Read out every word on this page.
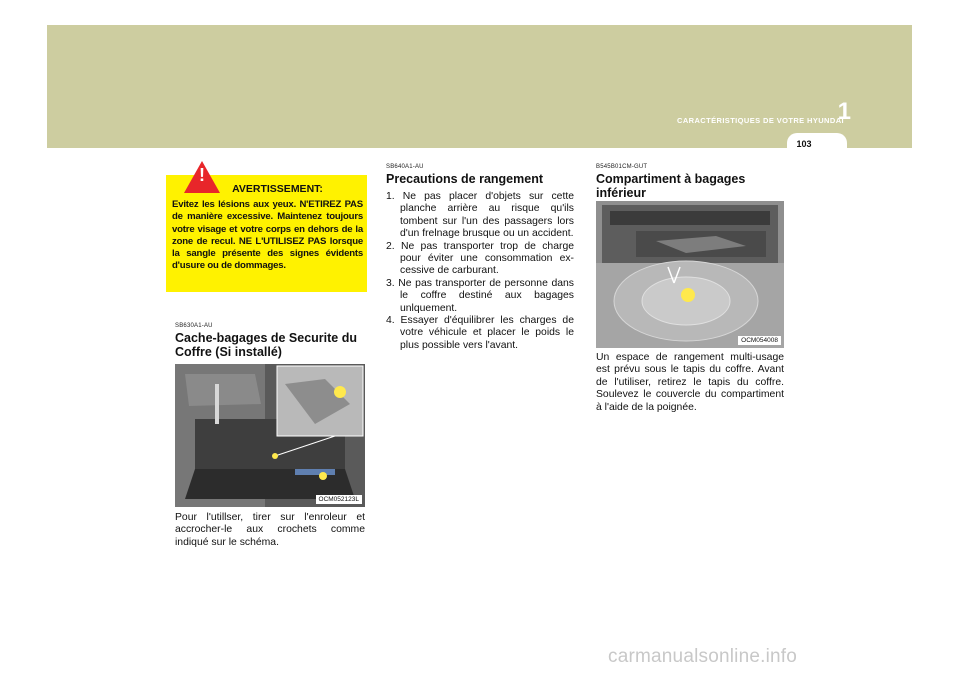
1
CARACTÉRISTIQUES DE VOTRE HYUNDAI
103
!
AVERTISSEMENT:
Evitez les lésions aux yeux. N'ETIREZ PAS de manière excessive. Maintenez toujours votre visage et votre corps en dehors de la zone de recul. NE L'UTILISEZ PAS lorsque la sangle présente des signes évidents d'usure ou de dommages.
SB630A1-AU
Cache-bagages de Securite du Coffre (Si installé)
OCM052123L
Pour l'utillser, tirer sur l'enroleur et accrocher-le aux crochets comme indiqué sur le schéma.
SB640A1-AU
Precautions de rangement
1. Ne pas placer d'objets sur cette planche arrière au risque qu'ils tombent sur l'un des passagers lors d'un frelnage brusque ou un accident.
2. Ne pas transporter trop de charge pour éviter une consommation ex-cessive de carburant.
3. Ne pas transporter de personne dans le coffre destiné aux bagages unlquement.
4. Essayer d'équilibrer les charges de votre véhicule et placer le poids le plus possible vers l'avant.
B545B01CM-GUT
Compartiment à bagages inférieur
OCM054008
Un espace de rangement multi-usage est prévu sous le tapis du coffre. Avant de l'utiliser, retirez le tapis du coffre. Soulevez le couvercle du compartiment à l'aide de la poignée.
carmanualsonline.info
